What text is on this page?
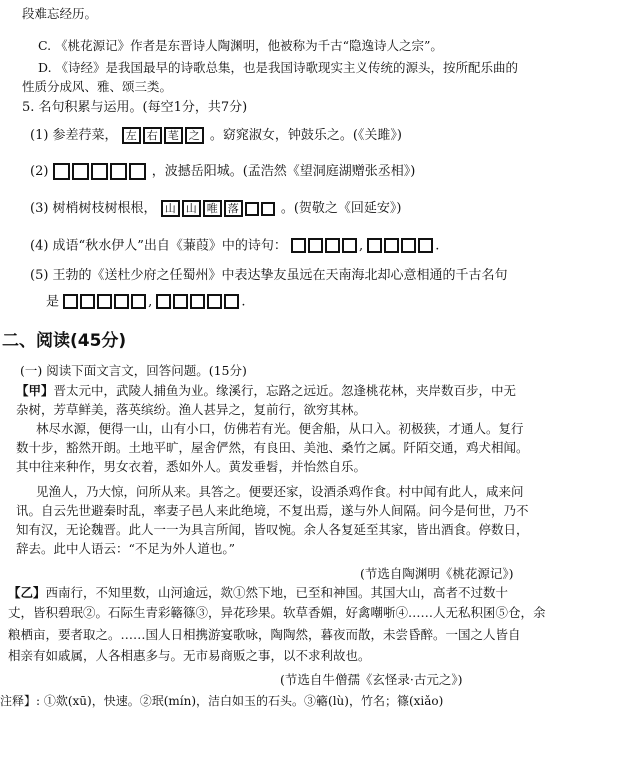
段难忘经历。
C. 《桃花源记》作者是东晋诗人陶渊明，他被称为千古“隐逸诗人之宗”。
D. 《诗经》是我国最早的诗歌总集，也是我国诗歌现实主义传统的源头，按所配乐曲的
性质分成风、雅、颂三类。
5. 名句积累与运用。(每空1分，共7分)
(1) 参差荇菜， 左 右 芼 之 。窈窕淑女，钟鼓乐之。(《关雎》)
(2)	，波撼岳阳城。(孟浩然《望洞庭湖赠张丞相》)
(3) 树梢树枝树根根， 山 山 唯 落	。(贺敬之《回延安》)
(4) 成语“秋水伊人”出自《蒹葭》中的诗句：	,	.
(5) 王勃的《送杜少府之任蜀州》中表达挚友虽远在天南海北却心意相通的千古名句
是	,	.
二、阅读(45分)
(一) 阅读下面文言文，回答问题。(15分)
【甲】晋太元中，武陵人捕鱼为业。缘溪行，忘路之远近。忽逢桃花林，夹岸数百步，中无
杂树，芳草鲜美，落英缤纷。渔人甚异之，复前行，欲穷其林。
林尽水源，便得一山，山有小口，仿佛若有光。便舍船，从口入。初极狭，才通人。复行
数十步，豁然开朗。土地平旷，屋舍俨然，有良田、美池、桑竹之属。阡陌交通，鸡犬相闻。
其中往来种作，男女衣着，悉如外人。黄发垂髫，并怡然自乐。
见渔人，乃大惊，问所从来。具答之。便要还家，设酒杀鸡作食。村中闻有此人，咸来问
讯。自云先世避秦时乱，率妻子邑人来此绝境，不复出焉，遂与外人间隔。问今是何世，乃不
知有汉，无论魏晋。此人一一为具言所闻，皆叹惋。余人各复延至其家，皆出酒食。停数日，
辞去。此中人语云：“不足为外人道也。”
(节选自陶渊明《桃花源记》)
【乙】西南行，不知里数，山河逾远，欻①然下地，已至和神国。其国大山，高者不过数十
丈，皆积碧珉②。石际生青彩簵篠③，异花珍果。软草香媚，好禽嘲哳④……人无私积囷⑤仓，余
粮栖亩，要者取之。……国人日相携游宴歌咏，陶陶然，暮夜而散，未尝昏醉。一国之人皆自
相亲有如戚属，人各相惠多与。无市易商贩之事，以不求利故也。
(节选自牛僧孺《玄怪录·古元之》)
注释】: ①欻(xū)，快速。②珉(mín)，洁白如玉的石头。③簵(lù)，竹名；篠(xiǎo)
